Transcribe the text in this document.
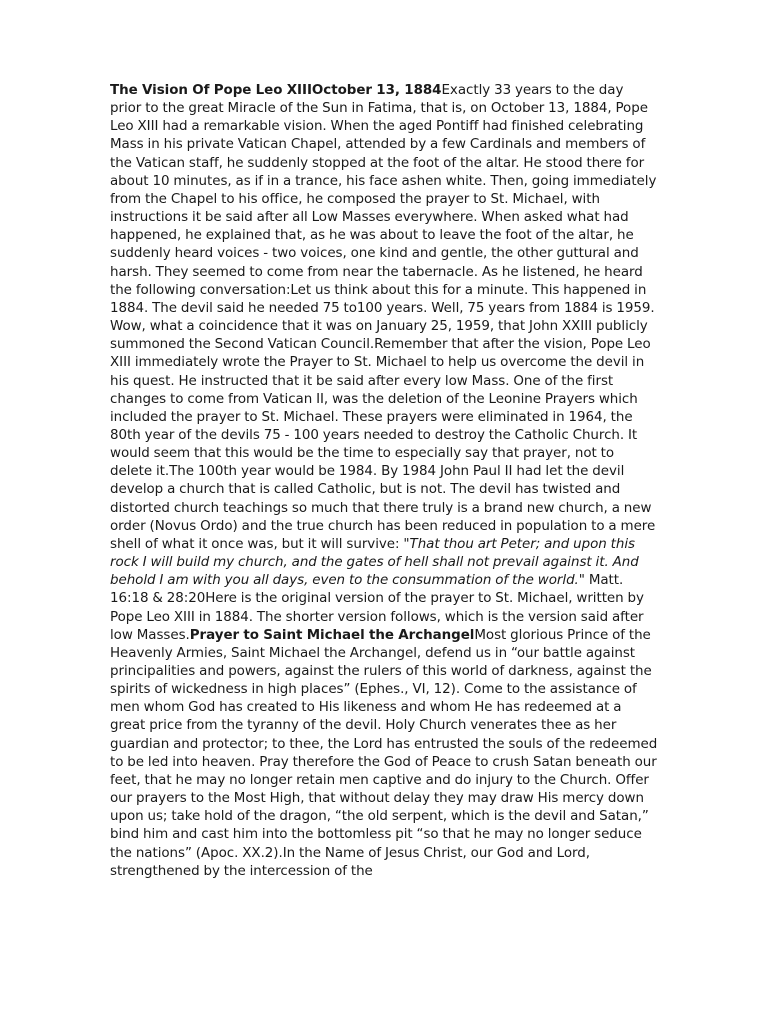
The Vision Of Pope Leo XIIIOctober 13, 1884Exactly 33 years to the day prior to the great Miracle of the Sun in Fatima, that is, on October 13, 1884, Pope Leo XIII had a remarkable vision. When the aged Pontiff had finished celebrating Mass in his private Vatican Chapel, attended by a few Cardinals and members of the Vatican staff, he suddenly stopped at the foot of the altar. He stood there for about 10 minutes, as if in a trance, his face ashen white. Then, going immediately from the Chapel to his office, he composed the prayer to St. Michael, with instructions it be said after all Low Masses everywhere. When asked what had happened, he explained that, as he was about to leave the foot of the altar, he suddenly heard voices - two voices, one kind and gentle, the other guttural and harsh. They seemed to come from near the tabernacle. As he listened, he heard the following conversation:Let us think about this for a minute. This happened in 1884. The devil said he needed 75 to100 years. Well, 75 years from 1884 is 1959. Wow, what a coincidence that it was on January 25, 1959, that John XXIII publicly summoned the Second Vatican Council.Remember that after the vision, Pope Leo XIII immediately wrote the Prayer to St. Michael to help us overcome the devil in his quest. He instructed that it be said after every low Mass. One of the first changes to come from Vatican II, was the deletion of the Leonine Prayers which included the prayer to St. Michael. These prayers were eliminated in 1964, the 80th year of the devils 75 - 100 years needed to destroy the Catholic Church. It would seem that this would be the time to especially say that prayer, not to delete it.The 100th year would be 1984. By 1984 John Paul II had let the devil develop a church that is called Catholic, but is not. The devil has twisted and distorted church teachings so much that there truly is a brand new church, a new order (Novus Ordo) and the true church has been reduced in population to a mere shell of what it once was, but it will survive: "That thou art Peter; and upon this rock I will build my church, and the gates of hell shall not prevail against it. And behold I am with you all days, even to the consummation of the world." Matt. 16:18 & 28:20Here is the original version of the prayer to St. Michael, written by Pope Leo XIII in 1884. The shorter version follows, which is the version said after low Masses.Prayer to Saint Michael the ArchangelMost glorious Prince of the Heavenly Armies, Saint Michael the Archangel, defend us in “our battle against principalities and powers, against the rulers of this world of darkness, against the spirits of wickedness in high places” (Ephes., VI, 12). Come to the assistance of men whom God has created to His likeness and whom He has redeemed at a great price from the tyranny of the devil. Holy Church venerates thee as her guardian and protector; to thee, the Lord has entrusted the souls of the redeemed to be led into heaven. Pray therefore the God of Peace to crush Satan beneath our feet, that he may no longer retain men captive and do injury to the Church. Offer our prayers to the Most High, that without delay they may draw His mercy down upon us; take hold of the dragon, “the old serpent, which is the devil and Satan,” bind him and cast him into the bottomless pit “so that he may no longer seduce the nations” (Apoc. XX.2).In the Name of Jesus Christ, our God and Lord, strengthened by the intercession of the
